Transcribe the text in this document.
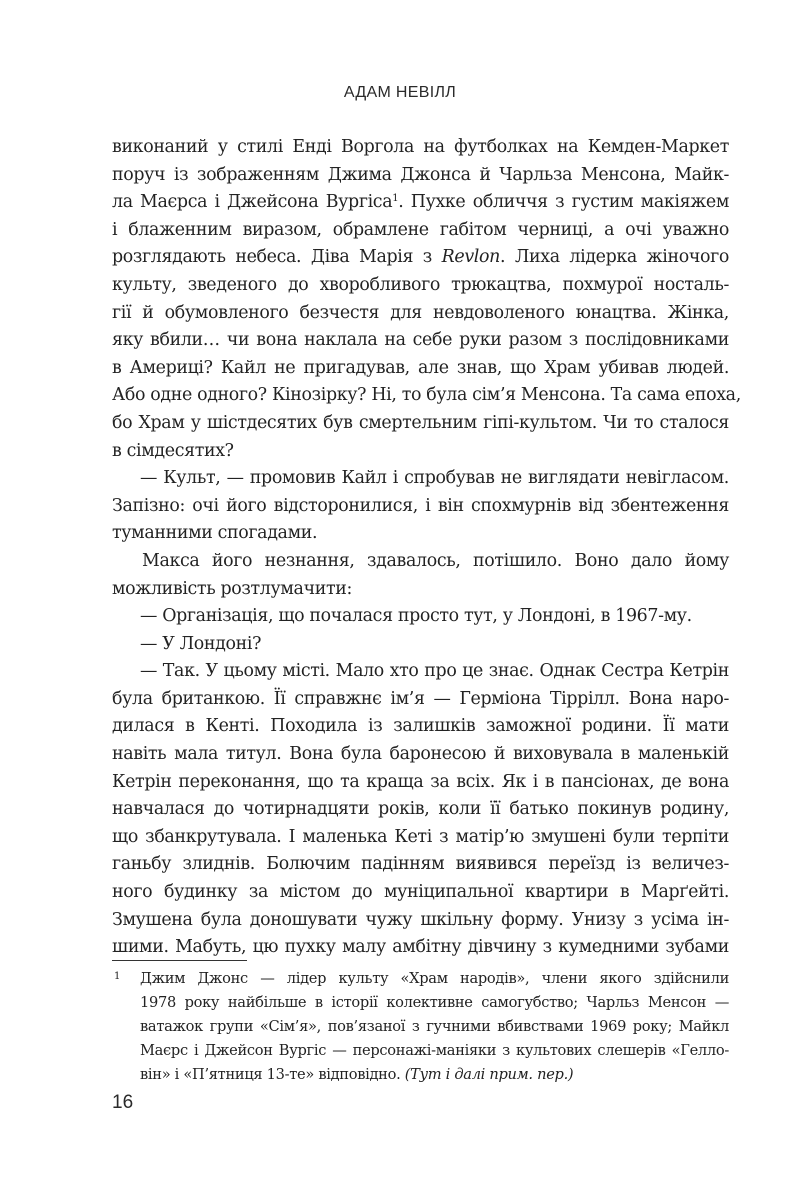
АДАМ НЕВІЛЛ
виконаний у стилі Енді Воргола на футболках на Кемден-Маркет
поруч із зображенням Джима Джонса й Чарльза Менсона, Майк-
ла Маєрса і Джейсона Вургіса$^1$. Пухке обличчя з густим макіяжем
і блаженним виразом, обрамлене габітом черниці, а очі уважно
розглядають небеса. Діва Марія з Revlon. Лиха лідерка жіночого
культу, зведеного до хворобливого трюкацтва, похмурої носталь-
гії й обумовленого безчестя для невдоволеного юнацтва. Жінка,
яку вбили… чи вона наклала на себе руки разом з послідовниками
в Америці? Кайл не пригадував, але знав, що Храм убивав людей.
Або одне одного? Кінозірку? Ні, то була сім’я Менсона. Та сама епоха,
бо Храм у шістдесятих був смертельним гіпі-культом. Чи то сталося
в сімдесятих?
— Культ, — промовив Кайл і спробував не виглядати невігласом.
Запізно: очі його відсторонилися, і він спохмурнів від збентеження
туманними спогадами.
Макса його незнання, здавалось, потішило. Воно дало йому
можливість розтлумачити:
— Організація, що почалася просто тут, у Лондоні, в 1967-му.
— У Лондоні?
— Так. У цьому місті. Мало хто про це знає. Однак Сестра Кетрін
була британкою. Її справжнє ім’я — Герміона Тіррілл. Вона наро-
дилася в Кенті. Походила із залишків заможної родини. Її мати
навіть мала титул. Вона була баронесою й виховувала в маленькій
Кетрін переконання, що та краща за всіх. Як і в пансіонах, де вона
навчалася до чотирнадцяти років, коли її батько покинув родину,
що збанкрутувала. І маленька Кеті з матір’ю змушені були терпіти
ганьбу злиднів. Болючим падінням виявився переїзд із величез-
ного будинку за містом до муніципальної квартири в Марґейті.
Змушена була доношувати чужу шкільну форму. Унизу з усіма ін-
шими. Мабуть, цю пухку малу амбітну дівчину з кумедними зубами
1 Джим Джонс — лідер культу «Храм народів», члени якого здійснили
1978 року найбільше в історії колективне самогубство; Чарльз Менсон —
ватажок групи «Сім’я», пов’язаної з гучними вбивствами 1969 року; Майкл
Маєрс і Джейсон Вургіс — персонажі-маніяки з культових слешерів «Гелло-
він» і «П’ятниця 13-те» відповідно. (Тут і далі прим. пер.)
16
